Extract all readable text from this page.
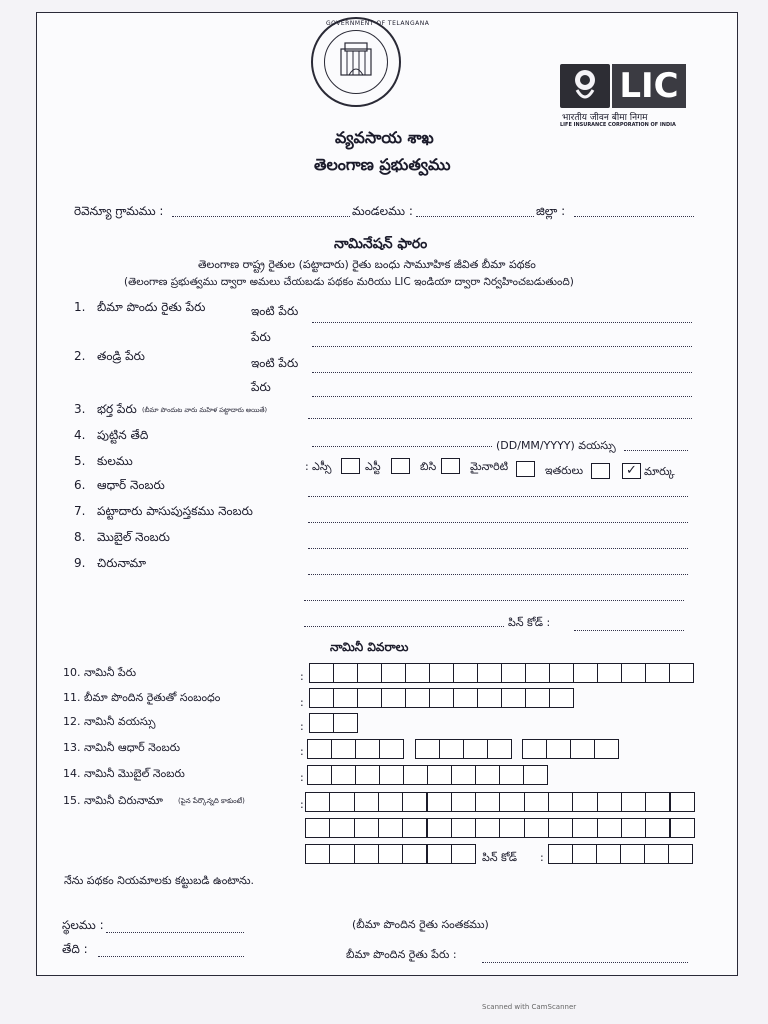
GOVERNMENT OF TELANGANA
LIC
भारतीय जीवन बीमा निगम
LIFE INSURANCE CORPORATION OF INDIA
వ్యవసాయ శాఖ
తెలంగాణ ప్రభుత్వము
రెవెన్యూ గ్రామము :	మండలము :	జిల్లా :
నామినేషన్ ఫారం
తెలంగాణ రాష్ట్ర రైతుల (పట్టాదారు) రైతు బంధు సామూహిక జీవిత బీమా పథకం
(తెలంగాణ ప్రభుత్వము ద్వారా అమలు చేయబడు పథకం మరియు LIC ఇండియా ద్వారా నిర్వహించబడుతుంది)
1. బీమా పొందు రైతు పేరు	ఇంటి పేరు
పేరు
2. తండ్రి పేరు	ఇంటి పేరు
పేరు
3. భర్త పేరు (బీమా పొందుట వారు మహిళ పట్టాదారు అయితే)
4. పుట్టిన తేది
(DD/MM/YYYY) వయస్సు
5. కులము	: ఎస్సీ	ఎస్టీ	బిసి	మైనారిటి	ఇతరులు	✓ మార్కు
6. ఆధార్ నెంబరు
7. పట్టాదారు పాసుపుస్తకము నెంబరు
8. మొబైల్ నెంబరు
9. చిరునామా
పిన్ కోడ్ :
నామినీ వివరాలు
10. నామినీ పేరు
11. బీమా పొందిన రైతుతో సంబంధం
12. నామినీ వయస్సు
13. నామినీ ఆధార్ నెంబరు
14. నామినీ మొబైల్ నెంబరు
15. నామినీ చిరునామా (పైన పేర్కొన్నది కాకుంటే)
:
:
:
:
:
:
పిన్ కోడ్ :
నేను పథకం నియమాలకు కట్టుబడి ఉంటాను.
స్థలము :	(బీమా పొందిన రైతు సంతకము)
తేది :	బీమా పొందిన రైతు పేరు :
Scanned with CamScanner
